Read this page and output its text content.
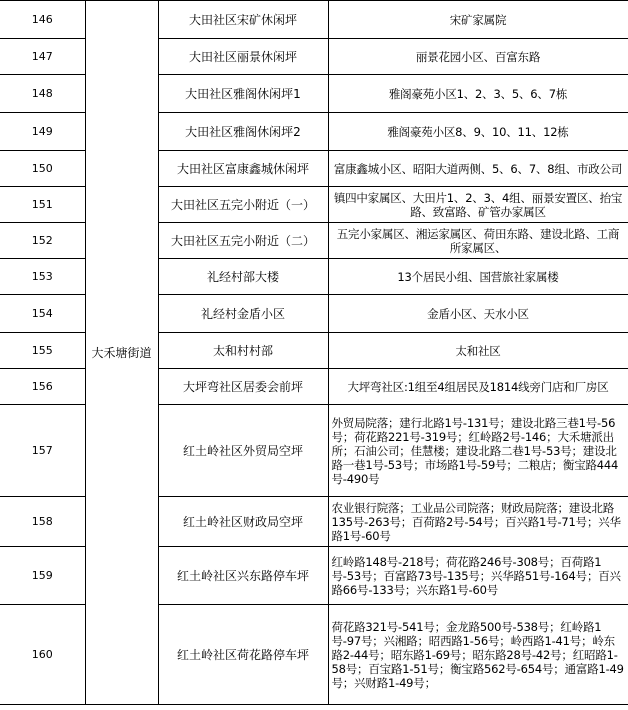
146	大禾塘街道	大田社区宋矿休闲坪	宋矿家属院
147		大田社区丽景休闲坪	丽景花园小区、百富东路
148		大田社区雅阁休闲坪1	雅阁豪苑小区1、2、3、5、6、7栋
149		大田社区雅阁休闲坪2	雅阁豪苑小区8、9、10、11、12栋
150		大田社区富康鑫城休闲坪	富康鑫城小区、昭阳大道两侧、5、6、7、8组、市政公司
151		大田社区五完小附近（一）	镇四中家属区、大田片1、2、3、4组、丽景安置区、抬宝路、致富路、矿管办家属区
152		大田社区五完小附近（二）	五完小家属区、湘运家属区、荷田东路、建设北路、工商所家属区、
153		礼经村部大楼	13个居民小组、国营旅社家属楼
154		礼经村金盾小区	金盾小区、天水小区
155		太和村村部	太和社区
156		大坪弯社区居委会前坪	大坪弯社区:1组至4组居民及1814线旁门店和厂房区
157		红土岭社区外贸局空坪	外贸局院落；建行北路1号-131号；建设北路三巷1号-56号；荷花路221号-319号；红岭路2号-146；大禾塘派出所；石油公司；佳慧楼；建设北路二巷1号-53号；建设北路一巷1号-53号；市场路1号-59号；二粮店；衡宝路444号-490号
158		红土岭社区财政局空坪	农业银行院落；工业品公司院落；财政局院落；建设北路135号-263号；百荷路2号-54号；百兴路1号-71号；兴华路1号-60号
159		红土岭社区兴东路停车坪	红岭路148号-218号；荷花路246号-308号；百荷路1号-53号；百富路73号-135号；兴华路51号-164号；百兴路66号-133号；兴东路1号-60号
160		红土岭社区荷花路停车坪	荷花路321号-541号；金龙路500号-538号；红岭路1号-97号；兴湘路；昭西路1-56号；岭西路1-41号；岭东路2-44号；昭东路1-69号；昭东路28号-42号；红昭路1-58号；百宝路1-51号；衡宝路562号-654号；通富路1-49号；兴财路1-49号；
